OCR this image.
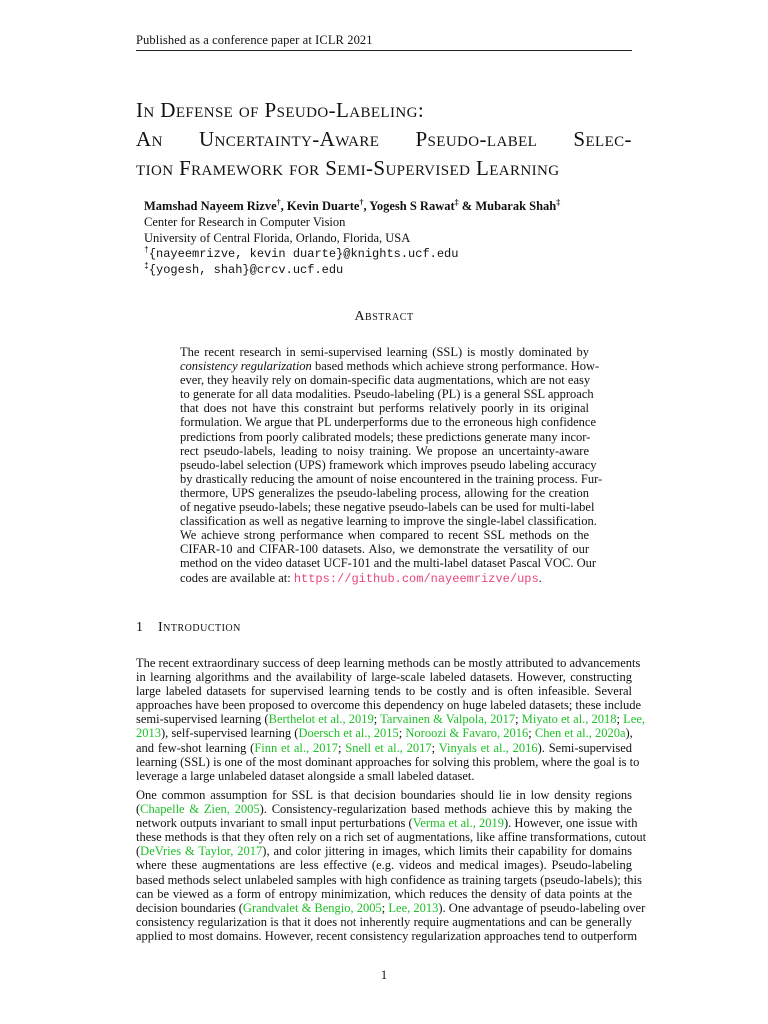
Published as a conference paper at ICLR 2021
In Defense of Pseudo-Labeling:
An Uncertainty-Aware Pseudo-label Selec-
tion Framework for Semi-Supervised Learning
Mamshad Nayeem Rizve†, Kevin Duarte†, Yogesh S Rawat‡ & Mubarak Shah‡
Center for Research in Computer Vision
University of Central Florida, Orlando, Florida, USA
†{nayeemrizve, kevin duarte}@knights.ucf.edu
‡{yogesh, shah}@crcv.ucf.edu
Abstract
The recent research in semi-supervised learning (SSL) is mostly dominated by
consistency regularization based methods which achieve strong performance. How-
ever, they heavily rely on domain-specific data augmentations, which are not easy
to generate for all data modalities. Pseudo-labeling (PL) is a general SSL approach
that does not have this constraint but performs relatively poorly in its original
formulation. We argue that PL underperforms due to the erroneous high confidence
predictions from poorly calibrated models; these predictions generate many incor-
rect pseudo-labels, leading to noisy training. We propose an uncertainty-aware
pseudo-label selection (UPS) framework which improves pseudo labeling accuracy
by drastically reducing the amount of noise encountered in the training process. Fur-
thermore, UPS generalizes the pseudo-labeling process, allowing for the creation
of negative pseudo-labels; these negative pseudo-labels can be used for multi-label
classification as well as negative learning to improve the single-label classification.
We achieve strong performance when compared to recent SSL methods on the
CIFAR-10 and CIFAR-100 datasets. Also, we demonstrate the versatility of our
method on the video dataset UCF-101 and the multi-label dataset Pascal VOC. Our
codes are available at: https://github.com/nayeemrizve/ups.
1 Introduction
The recent extraordinary success of deep learning methods can be mostly attributed to advancements
in learning algorithms and the availability of large-scale labeled datasets. However, constructing
large labeled datasets for supervised learning tends to be costly and is often infeasible. Several
approaches have been proposed to overcome this dependency on huge labeled datasets; these include
semi-supervised learning (Berthelot et al., 2019; Tarvainen & Valpola, 2017; Miyato et al., 2018; Lee,
2013), self-supervised learning (Doersch et al., 2015; Noroozi & Favaro, 2016; Chen et al., 2020a),
and few-shot learning (Finn et al., 2017; Snell et al., 2017; Vinyals et al., 2016). Semi-supervised
learning (SSL) is one of the most dominant approaches for solving this problem, where the goal is to
leverage a large unlabeled dataset alongside a small labeled dataset.
One common assumption for SSL is that decision boundaries should lie in low density regions
(Chapelle & Zien, 2005). Consistency-regularization based methods achieve this by making the
network outputs invariant to small input perturbations (Verma et al., 2019). However, one issue with
these methods is that they often rely on a rich set of augmentations, like affine transformations, cutout
(DeVries & Taylor, 2017), and color jittering in images, which limits their capability for domains
where these augmentations are less effective (e.g. videos and medical images). Pseudo-labeling
based methods select unlabeled samples with high confidence as training targets (pseudo-labels); this
can be viewed as a form of entropy minimization, which reduces the density of data points at the
decision boundaries (Grandvalet & Bengio, 2005; Lee, 2013). One advantage of pseudo-labeling over
consistency regularization is that it does not inherently require augmentations and can be generally
applied to most domains. However, recent consistency regularization approaches tend to outperform
1
